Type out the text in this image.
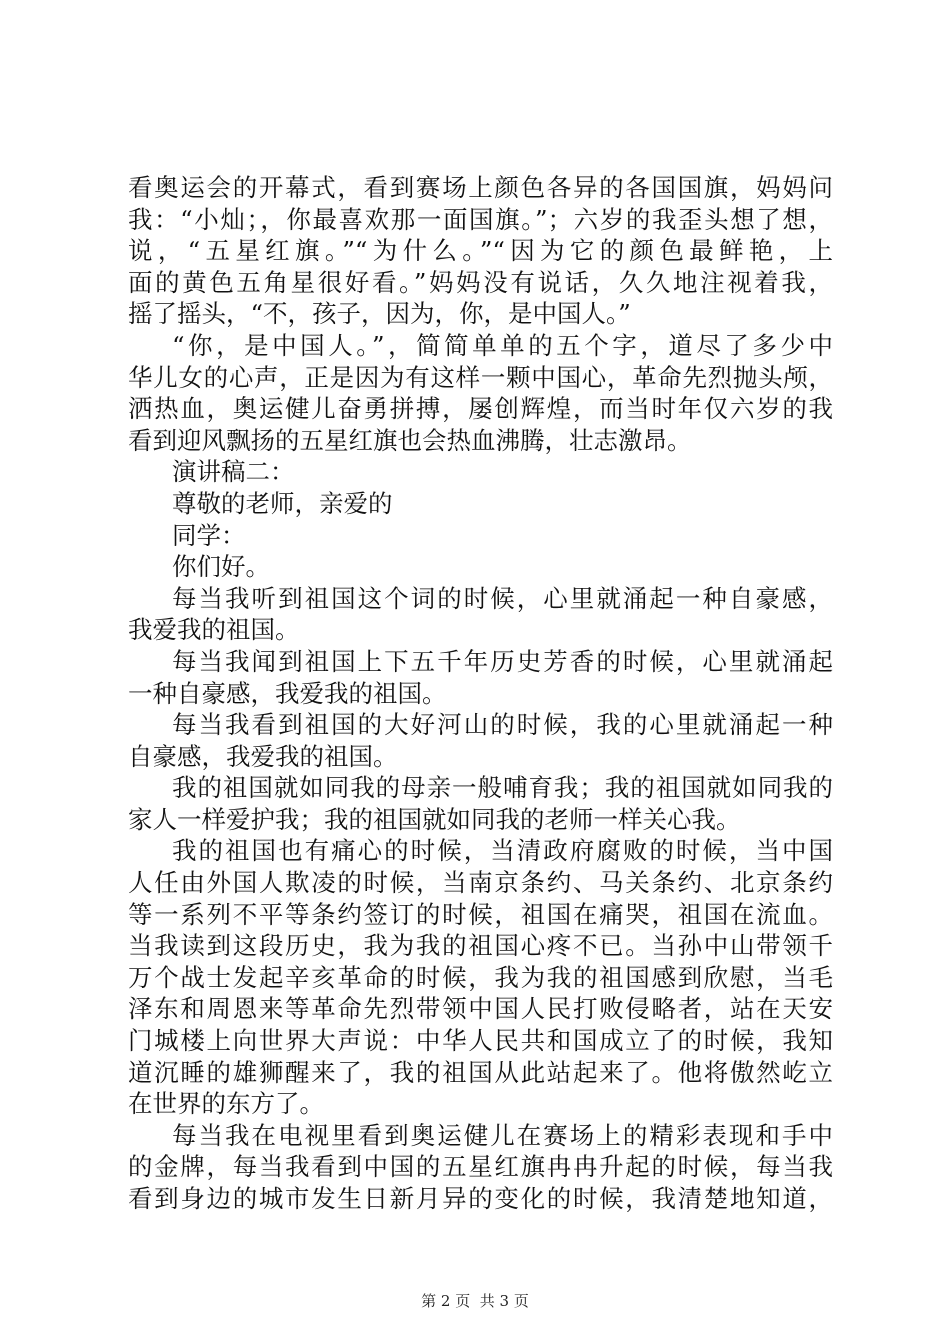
看奥运会的开幕式，看到赛场上颜色各异的各国国旗，妈妈问
我：“小灿；，你最喜欢那一面国旗。”；六岁的我歪头想了想，
说，“五星红旗。”“为什么。”“因为它的颜色最鲜艳，上
面的黄色五角星很好看。”妈妈没有说话，久久地注视着我，
摇了摇头，“不，孩子，因为，你，是中国人。”
“你，是中国人。”，简简单单的五个字，道尽了多少中
华儿女的心声，正是因为有这样一颗中国心，革命先烈抛头颅，
洒热血，奥运健儿奋勇拼搏，屡创辉煌，而当时年仅六岁的我
看到迎风飘扬的五星红旗也会热血沸腾，壮志激昂。
演讲稿二：
尊敬的老师，亲爱的
同学：
你们好。
每当我听到祖国这个词的时候，心里就涌起一种自豪感，
我爱我的祖国。
每当我闻到祖国上下五千年历史芳香的时候，心里就涌起
一种自豪感，我爱我的祖国。
每当我看到祖国的大好河山的时候，我的心里就涌起一种
自豪感，我爱我的祖国。
我的祖国就如同我的母亲一般哺育我；我的祖国就如同我的
家人一样爱护我；我的祖国就如同我的老师一样关心我。
我的祖国也有痛心的时候，当清政府腐败的时候，当中国
人任由外国人欺凌的时候，当南京条约、马关条约、北京条约
等一系列不平等条约签订的时候，祖国在痛哭，祖国在流血。
当我读到这段历史，我为我的祖国心疼不已。当孙中山带领千
万个战士发起辛亥革命的时候，我为我的祖国感到欣慰，当毛
泽东和周恩来等革命先烈带领中国人民打败侵略者，站在天安
门城楼上向世界大声说：中华人民共和国成立了的时候，我知
道沉睡的雄狮醒来了，我的祖国从此站起来了。他将傲然屹立
在世界的东方了。
每当我在电视里看到奥运健儿在赛场上的精彩表现和手中
的金牌，每当我看到中国的五星红旗冉冉升起的时候，每当我
看到身边的城市发生日新月异的变化的时候，我清楚地知道，
第 2 页  共 3 页
